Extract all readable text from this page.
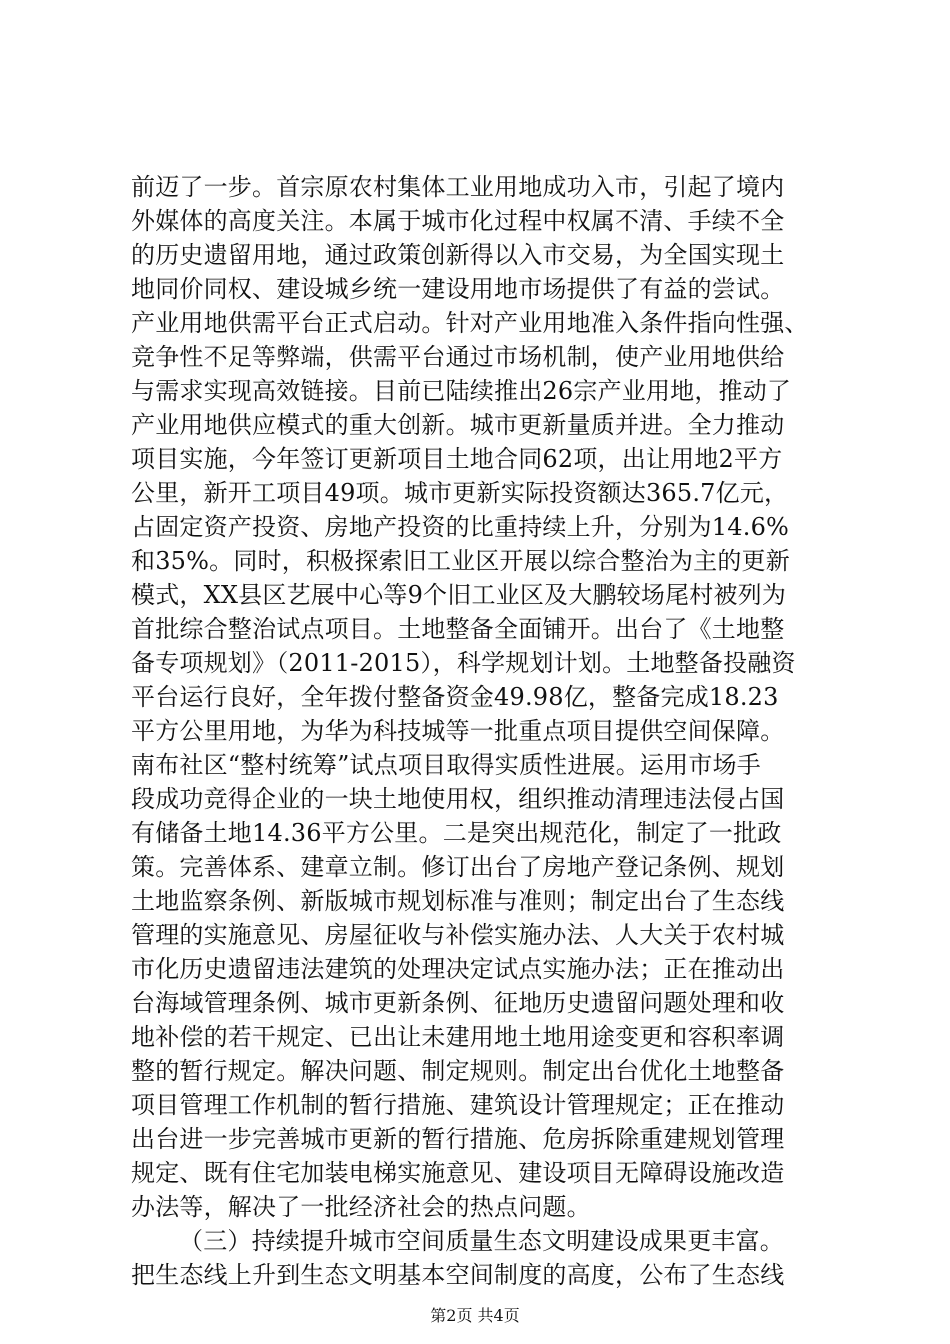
前迈了一步。首宗原农村集体工业用地成功入市，引起了境内
外媒体的高度关注。本属于城市化过程中权属不清、手续不全
的历史遗留用地，通过政策创新得以入市交易，为全国实现土
地同价同权、建设城乡统一建设用地市场提供了有益的尝试。
产业用地供需平台正式启动。针对产业用地准入条件指向性强、
竞争性不足等弊端，供需平台通过市场机制，使产业用地供给
与需求实现高效链接。目前已陆续推出26宗产业用地，推动了
产业用地供应模式的重大创新。城市更新量质并进。全力推动
项目实施，今年签订更新项目土地合同62项，出让用地2平方
公里，新开工项目49项。城市更新实际投资额达365.7亿元，
占固定资产投资、房地产投资的比重持续上升，分别为14.6%
和35%。同时，积极探索旧工业区开展以综合整治为主的更新
模式，XX县区艺展中心等9个旧工业区及大鹏较场尾村被列为
首批综合整治试点项目。土地整备全面铺开。出台了《土地整
备专项规划》（2011-2015），科学规划计划。土地整备投融资
平台运行良好，全年拨付整备资金49.98亿，整备完成18.23
平方公里用地，为华为科技城等一批重点项目提供空间保障。
南布社区“整村统筹”试点项目取得实质性进展。运用市场手
段成功竞得企业的一块土地使用权，组织推动清理违法侵占国
有储备土地14.36平方公里。二是突出规范化，制定了一批政
策。完善体系、建章立制。修订出台了房地产登记条例、规划
土地监察条例、新版城市规划标准与准则；制定出台了生态线
管理的实施意见、房屋征收与补偿实施办法、人大关于农村城
市化历史遗留违法建筑的处理决定试点实施办法；正在推动出
台海域管理条例、城市更新条例、征地历史遗留问题处理和收
地补偿的若干规定、已出让未建用地土地用途变更和容积率调
整的暂行规定。解决问题、制定规则。制定出台优化土地整备
项目管理工作机制的暂行措施、建筑设计管理规定；正在推动
出台进一步完善城市更新的暂行措施、危房拆除重建规划管理
规定、既有住宅加装电梯实施意见、建设项目无障碍设施改造
办法等，解决了一批经济社会的热点问题。
（三）持续提升城市空间质量生态文明建设成果更丰富。
把生态线上升到生态文明基本空间制度的高度，公布了生态线
第2页 共4页
